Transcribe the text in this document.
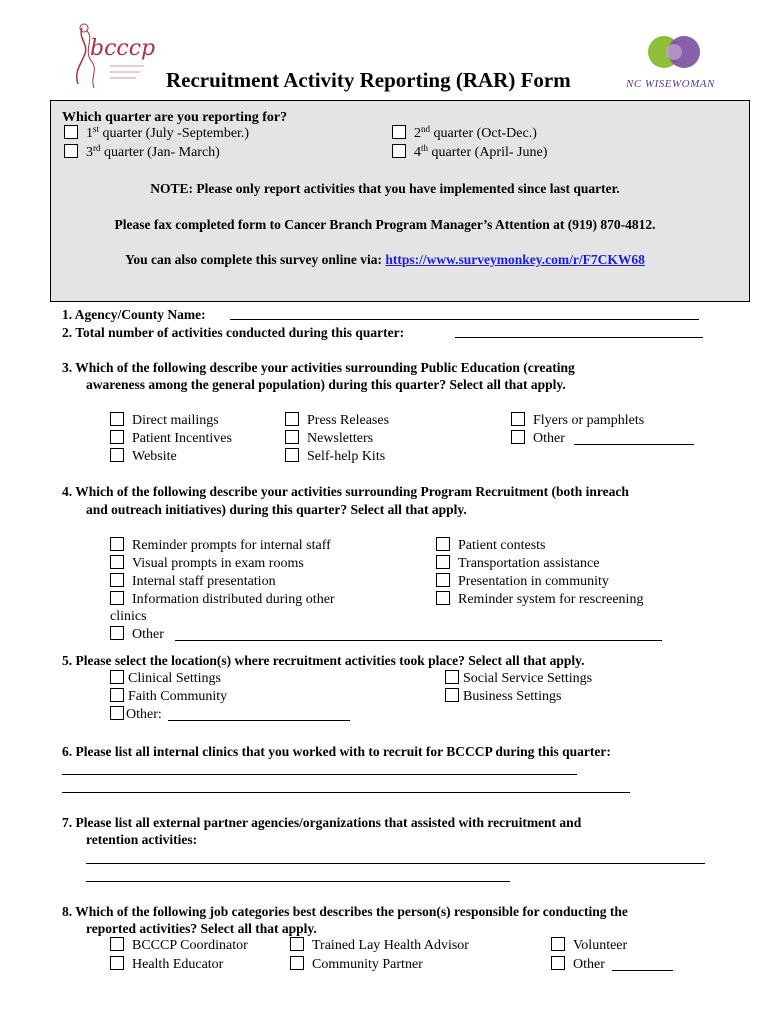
bcccp
NC WISEWOMAN
Recruitment Activity Reporting (RAR) Form
Which quarter are you reporting for?
1st quarter (July -September.)
3rd quarter (Jan- March)
2nd quarter (Oct-Dec.)
4th quarter (April- June)
NOTE: Please only report activities that you have implemented since last quarter.
Please fax completed form to Cancer Branch Program Manager’s Attention at (919) 870-4812.
You can also complete this survey online via: https://www.surveymonkey.com/r/F7CKW68
1. Agency/County Name:
2. Total number of activities conducted during this quarter:
3. Which of the following describe your activities surrounding Public Education (creating
awareness among the general population) during this quarter? Select all that apply.
Direct mailings
Patient Incentives
Website
Press Releases
Newsletters
Self-help Kits
Flyers or pamphlets
Other
4. Which of the following describe your activities surrounding Program Recruitment (both inreach
and outreach initiatives) during this quarter? Select all that apply.
Reminder prompts for internal staff
Visual prompts in exam rooms
Internal staff presentation
Information distributed during other
clinics
Other
Patient contests
Transportation assistance
Presentation in community
Reminder system for rescreening
5. Please select the location(s) where recruitment activities took place? Select all that apply.
Clinical Settings
Faith Community
Other:
Social Service Settings
Business Settings
6. Please list all internal clinics that you worked with to recruit for BCCCP during this quarter:
7. Please list all external partner agencies/organizations that assisted with recruitment and
retention activities:
8. Which of the following job categories best describes the person(s) responsible for conducting the
reported activities? Select all that apply.
BCCCP Coordinator
Health Educator
Trained Lay Health Advisor
Community Partner
Volunteer
Other
